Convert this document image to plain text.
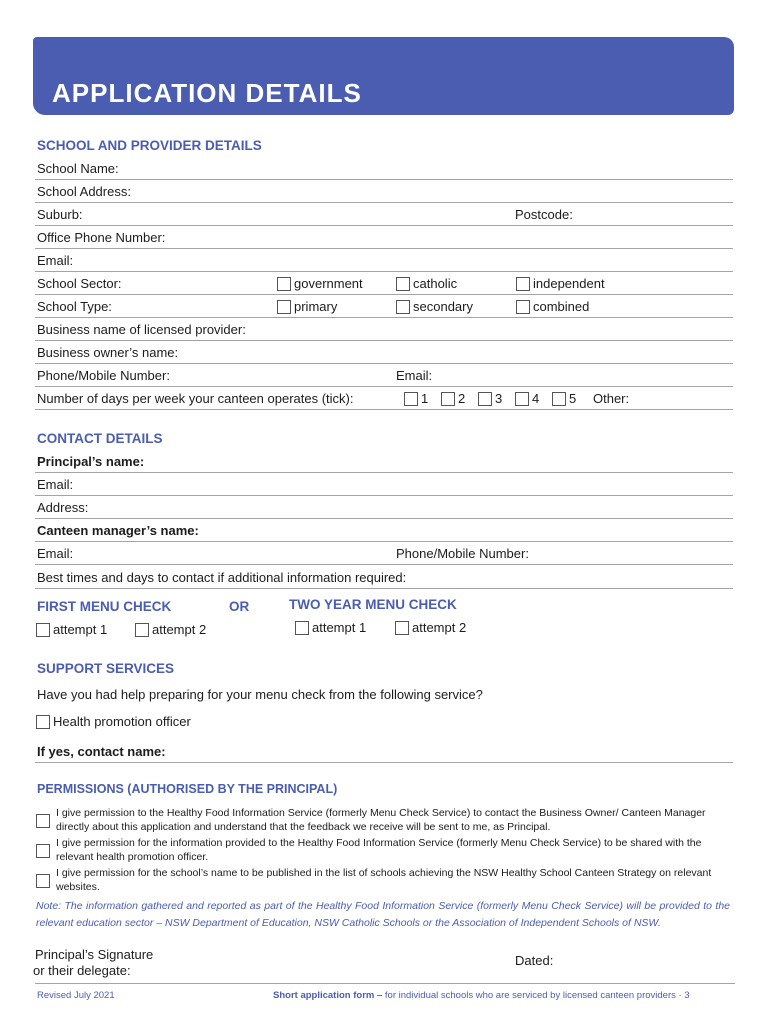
APPLICATION DETAILS
SCHOOL AND PROVIDER DETAILS
School Name:
School Address:
Suburb:	Postcode:
Office Phone Number:
Email:
School Sector:	government	catholic	independent
School Type:	primary	secondary	combined
Business name of licensed provider:
Business owner’s name:
Phone/Mobile Number:	Email:
Number of days per week your canteen operates (tick):	1	2	3	4	5 Other:
CONTACT DETAILS
Principal’s name:
Email:
Address:
Canteen manager’s name:
Email:	Phone/Mobile Number:
Best times and days to contact if additional information required:
FIRST MENU CHECK	OR	TWO YEAR MENU CHECK
attempt 1	attempt 2	attempt 1	attempt 2
SUPPORT SERVICES
Have you had help preparing for your menu check from the following service?
Health promotion officer
If yes, contact name:
PERMISSIONS (AUTHORISED BY THE PRINCIPAL)
I give permission to the Healthy Food Information Service (formerly Menu Check Service) to contact the Business Owner/ Canteen Manager directly about this application and understand that the feedback we receive will be sent to me, as Principal.
I give permission for the information provided to the Healthy Food Information Service (formerly Menu Check Service) to be shared with the relevant health promotion officer.
I give permission for the school’s name to be published in the list of schools achieving the NSW Healthy School Canteen Strategy on relevant websites.
Note: The information gathered and reported as part of the Healthy Food Information Service (formerly Menu Check Service) will be provided to the relevant education sector – NSW Department of Education, NSW Catholic Schools or the Association of Independent Schools of NSW.
Principal’s Signature
or their delegate:
Dated:
Revised July 2021	Short application form – for individual schools who are serviced by licensed canteen providers · 3
